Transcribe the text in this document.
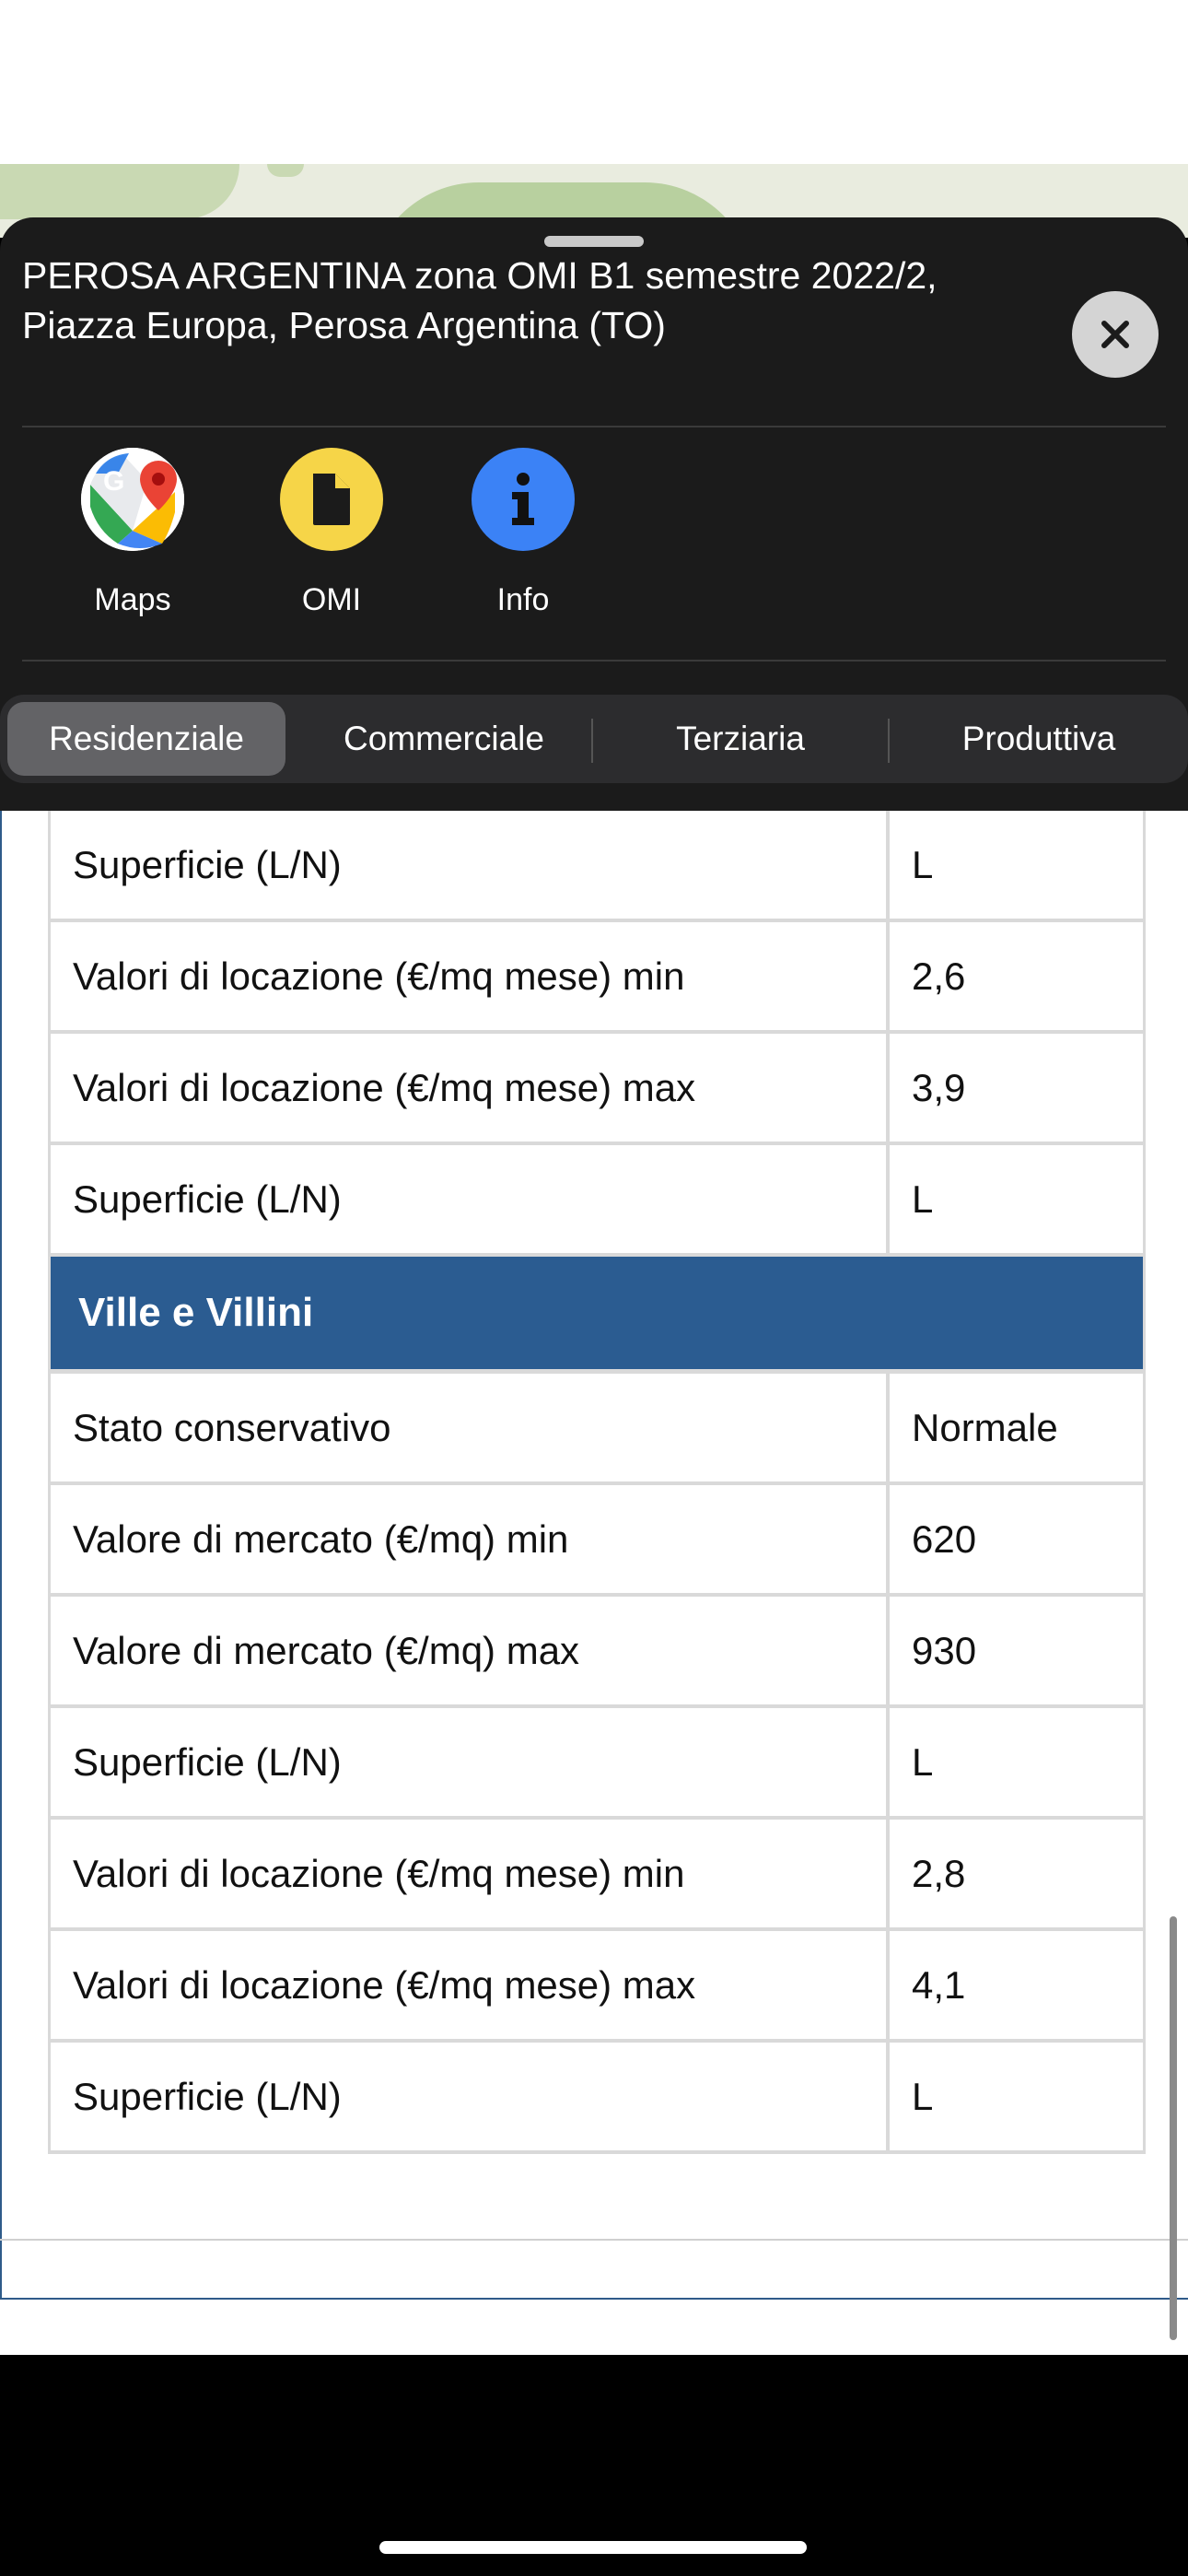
PEROSA ARGENTINA zona OMI B1 semestre 2022/2, Piazza Europa, Perosa Argentina (TO)
G
Maps	OMI	Info
Residenziale	Commerciale	Terziaria	Produttiva
Superficie (L/N)	L
Valori di locazione (€/mq mese) min	2,6
Valori di locazione (€/mq mese) max	3,9
Superficie (L/N)	L
Ville e Villini
Stato conservativo	Normale
Valore di mercato (€/mq) min	620
Valore di mercato (€/mq) max	930
Superficie (L/N)	L
Valori di locazione (€/mq mese) min	2,8
Valori di locazione (€/mq mese) max	4,1
Superficie (L/N)	L
